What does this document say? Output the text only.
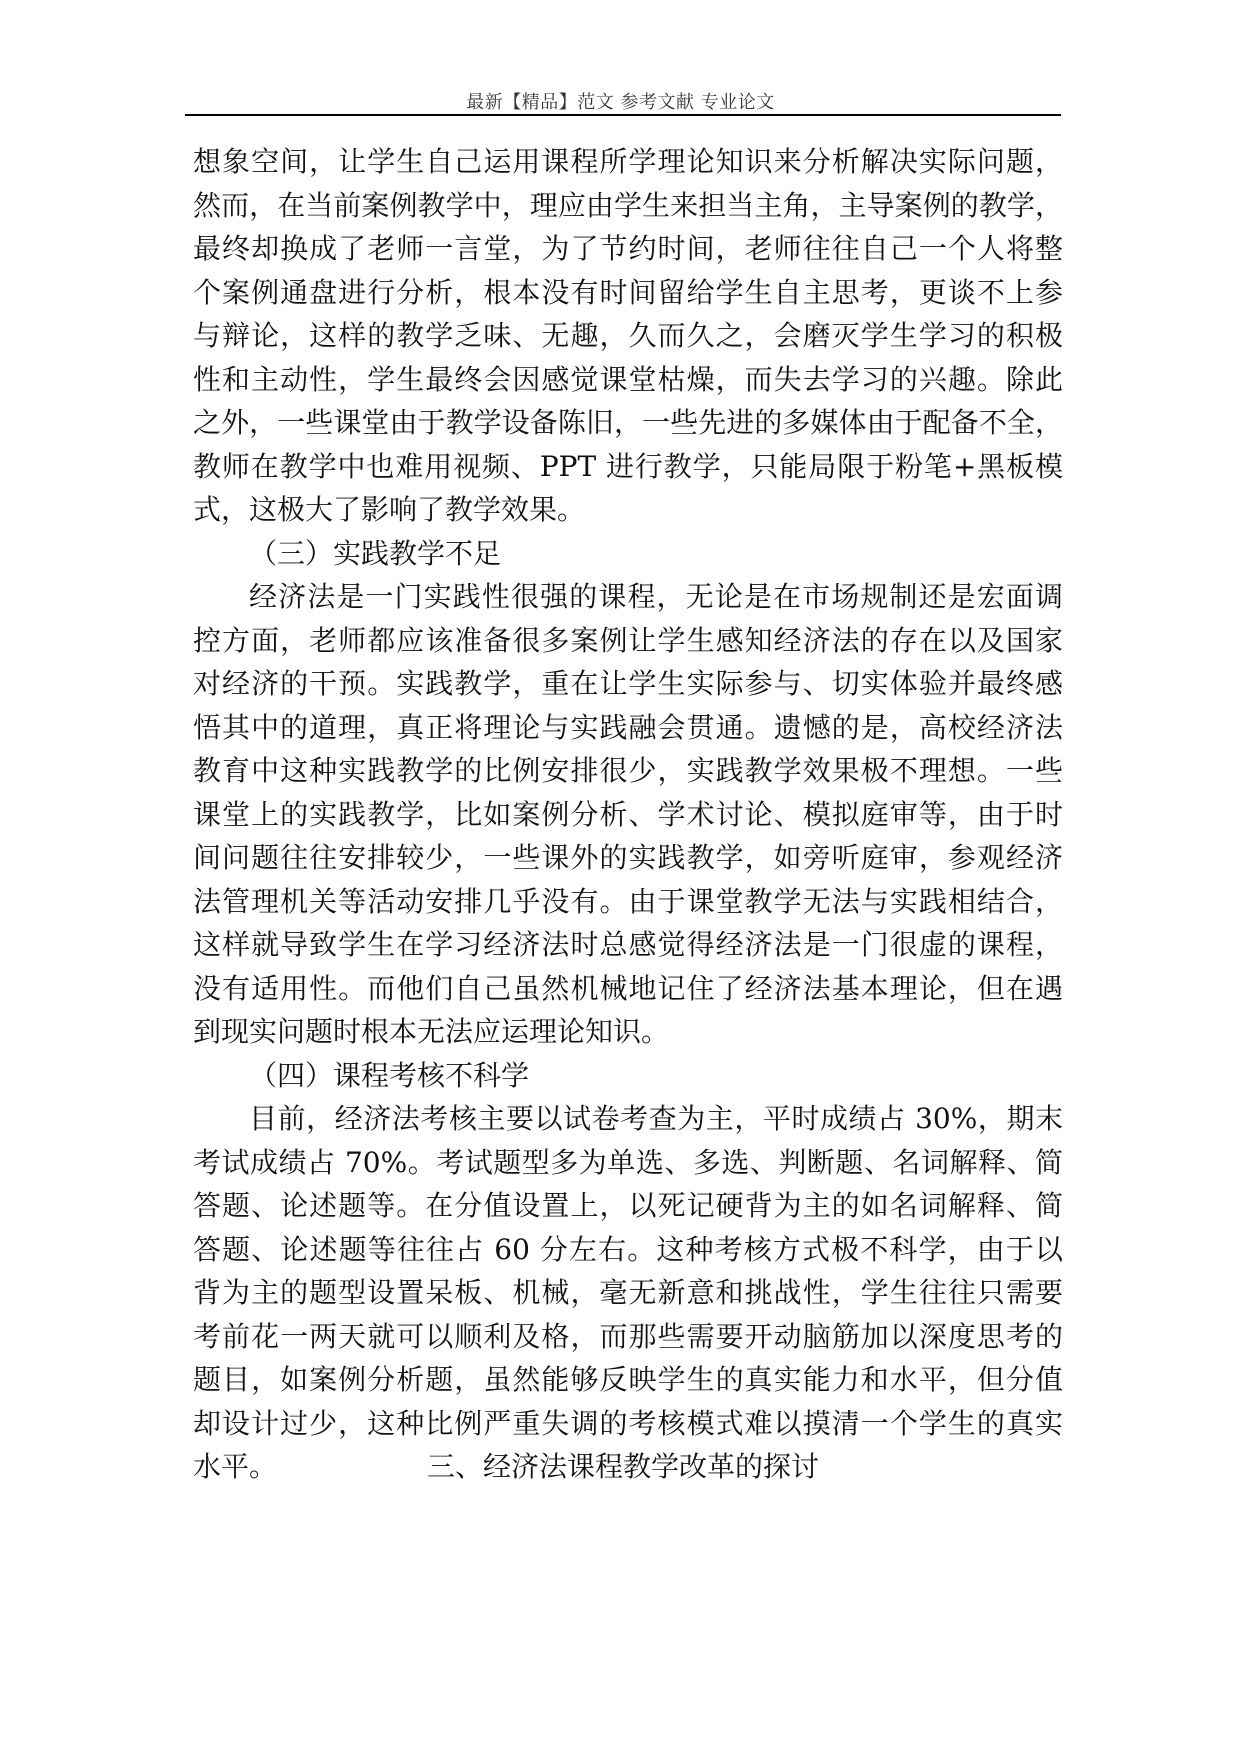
最新【精品】范文 参考文献 专业论文
想象空间，让学生自己运用课程所学理论知识来分析解决实际问题，
然而，在当前案例教学中，理应由学生来担当主角，主导案例的教学，
最终却换成了老师一言堂，为了节约时间，老师往往自己一个人将整
个案例通盘进行分析，根本没有时间留给学生自主思考，更谈不上参
与辩论，这样的教学乏味、无趣，久而久之，会磨灭学生学习的积极
性和主动性，学生最终会因感觉课堂枯燥，而失去学习的兴趣。除此
之外，一些课堂由于教学设备陈旧，一些先进的多媒体由于配备不全，
教师在教学中也难用视频、PPT 进行教学，只能局限于粉笔+黑板模
式，这极大了影响了教学效果。
（三）实践教学不足
经济法是一门实践性很强的课程，无论是在市场规制还是宏面调
控方面，老师都应该准备很多案例让学生感知经济法的存在以及国家
对经济的干预。实践教学，重在让学生实际参与、切实体验并最终感
悟其中的道理，真正将理论与实践融会贯通。遗憾的是，高校经济法
教育中这种实践教学的比例安排很少，实践教学效果极不理想。一些
课堂上的实践教学，比如案例分析、学术讨论、模拟庭审等，由于时
间问题往往安排较少，一些课外的实践教学，如旁听庭审，参观经济
法管理机关等活动安排几乎没有。由于课堂教学无法与实践相结合，
这样就导致学生在学习经济法时总感觉得经济法是一门很虚的课程，
没有适用性。而他们自己虽然机械地记住了经济法基本理论，但在遇
到现实问题时根本无法应运理论知识。
（四）课程考核不科学
目前，经济法考核主要以试卷考查为主，平时成绩占 30%，期末
考试成绩占 70%。考试题型多为单选、多选、判断题、名词解释、简
答题、论述题等。在分值设置上，以死记硬背为主的如名词解释、简
答题、论述题等往往占 60 分左右。这种考核方式极不科学，由于以
背为主的题型设置呆板、机械，毫无新意和挑战性，学生往往只需要
考前花一两天就可以顺利及格，而那些需要开动脑筋加以深度思考的
题目，如案例分析题，虽然能够反映学生的真实能力和水平，但分值
却设计过少，这种比例严重失调的考核模式难以摸清一个学生的真实
水平。	三、经济法课程教学改革的探讨
